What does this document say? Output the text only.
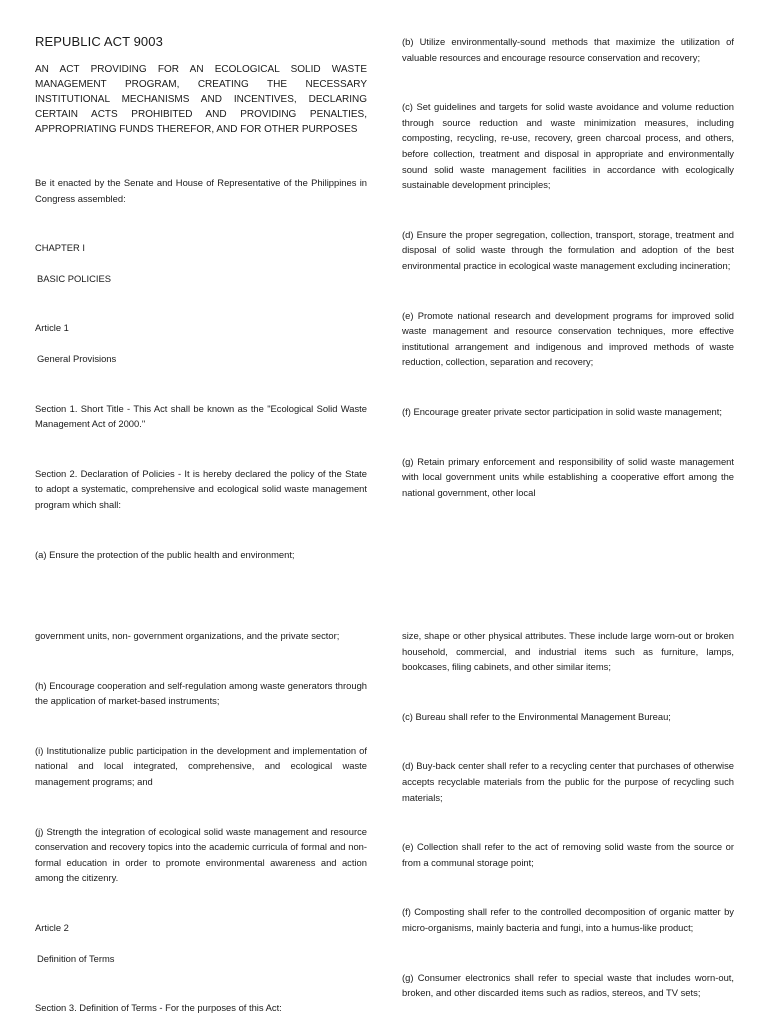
REPUBLIC ACT 9003
AN ACT PROVIDING FOR AN ECOLOGICAL SOLID WASTE MANAGEMENT PROGRAM, CREATING THE NECESSARY INSTITUTIONAL MECHANISMS AND INCENTIVES, DECLARING CERTAIN ACTS PROHIBITED AND PROVIDING PENALTIES, APPROPRIATING FUNDS THEREFOR, AND FOR OTHER PURPOSES

Be it enacted by the Senate and House of Representative of the Philippines in Congress assembled:

CHAPTER I

BASIC POLICIES

Article 1

General Provisions

Section 1. Short Title - This Act shall be known as the "Ecological Solid Waste Management Act of 2000."

Section 2. Declaration of Policies - It is hereby declared the policy of the State to adopt a systematic, comprehensive and ecological solid waste management program which shall:

(a) Ensure the protection of the public health and environment;

(b) Utilize environmentally-sound methods that maximize the utilization of valuable resources and encourage resource conservation and recovery;

(c) Set guidelines and targets for solid waste avoidance and volume reduction through source reduction and waste minimization measures, including composting, recycling, re-use, recovery, green charcoal process, and others, before collection, treatment and disposal in appropriate and environmentally sound solid waste management facilities in accordance with ecologically sustainable development principles;

(d) Ensure the proper segregation, collection, transport, storage, treatment and disposal of solid waste through the formulation and adoption of the best environmental practice in ecological waste management excluding incineration;

(e) Promote national research and development programs for improved solid waste management and resource conservation techniques, more effective institutional arrangement and indigenous and improved methods of waste reduction, collection, separation and recovery;

(f) Encourage greater private sector participation in solid waste management;

(g) Retain primary enforcement and responsibility of solid waste management with local government units while establishing a cooperative effort among the national government, other local

government units, non- government organizations, and the private sector;

(h) Encourage cooperation and self-regulation among waste generators through the application of market-based instruments;

(i) Institutionalize public participation in the development and implementation of national and local integrated, comprehensive, and ecological waste management programs; and

(j) Strength the integration of ecological solid waste management and resource conservation and recovery topics into the academic curricula of formal and non-formal education in order to promote environmental awareness and action among the citizenry.

Article 2

Definition of Terms

Section 3. Definition of Terms - For the purposes of this Act:

size, shape or other physical attributes. These include large worn-out or broken household, commercial, and industrial items such as furniture, lamps, bookcases, filing cabinets, and other similar items;

(c) Bureau shall refer to the Environmental Management Bureau;

(d) Buy-back center shall refer to a recycling center that purchases of otherwise accepts recyclable materials from the public for the purpose of recycling such materials;

(e) Collection shall refer to the act of removing solid waste from the source or from a communal storage point;

(f) Composting shall refer to the controlled decomposition of organic matter by micro-organisms, mainly bacteria and fungi, into a humus-like product;

(g) Consumer electronics shall refer to special waste that includes worn-out, broken, and other discarded items such as radios, stereos, and TV sets;
